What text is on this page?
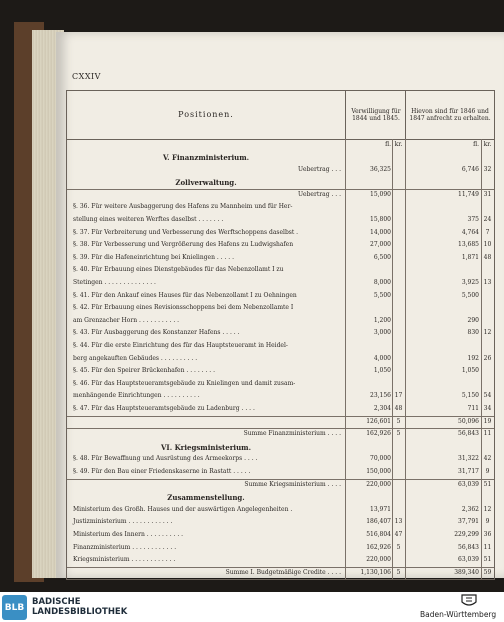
CXXIV
Positionen.	Verwilligung für 1844 und 1845.
Hievon sind für 1846 und 1847 anfrecht zu erhalten.
fl. kr.	fl. kr.
V. Finanzministerium.
Uebertrag . . .	36,325	6,746 32
Zollverwaltung.
Uebertrag . . .	15,090	11,749 31
§. 36. Für weitere Ausbaggerung des Hafens zu Mannheim und für Her-
stellung eines weiteren Werftes daselbst . . . . . . .	15,800	375 24
§. 37. Für Verbreiterung und Verbesserung des Werftschoppens daselbst .	14,000	4,764	7
§. 38. Für Verbesserung und Vergrößerung des Hafens zu Ludwigshafen	27,000	13,685 10
§. 39. Für die Hafeneinrichtung bei Knielingen . . . . .	6,500	1,871 48
§. 40. Für Erbauung eines Dienstgebäudes für das Nebenzollamt I zu
Stetingen . . . . . . . . . . . . . .	8,000	3,925 13
§. 41. Für den Ankauf eines Hauses für das Nebenzollamt I zu Oehningen	5,500	5,500
§. 42. Für Erbauung eines Revisionsschoppens bei dem Nebenzollamte I
am Grenzacher Horn . . . . . . . . . . .	1,200	290
§. 43. Für Ausbaggerung des Konstanzer Hafens . . . . .	3,000	830 12
§. 44. Für die erste Einrichtung des für das Hauptsteueramt in Heidel-
berg angekauften Gebäudes . . . . . . . . . .	4,000	192 26
§. 45. Für den Speirer Brückenhafen . . . . . . . .	1,050	1,050
§. 46. Für das Hauptsteueramtsgebäude zu Knielingen und damit zusam-
menhängende Einrichtungen . . . . . . . . . .	23,156 17	5,150 54
§. 47. Für das Hauptsteueramtsgebäude zu Ladenburg . . . .	2,304 48	711 34
126,601 5	50,096 19
Summe Finanzministerium . . . .	162,926 5	56,843 11
VI. Kriegsministerium.
§. 48. Für Bewaffnung und Ausrüstung des Armeekorps . . . .	70,000	31,322 42
§. 49. Für den Bau einer Friedenskaserne in Rastatt . . . . .	150,000	31,717	9
Summe Kriegsministerium . . . .	220,000	63,039 51
Zusammenstellung.
Ministerium des Großh. Hauses und der auswärtigen Angelegenheiten .	13,971	2,362 12
Justizministerium . . . . . . . . . . . .	186,407 13	37,791	9
Ministerium des Innern . . . . . . . . . .	516,804 47	229,299 36
Finanzministerium . . . . . . . . . . . .	162,926 5	56,843 11
Kriegsministerium . . . . . . . . . . . .	220,000	63,039 51
Summe I. Budgetmäßige Credite . . . .	1,130,106 5	389,340 59
BLB
BADISCHE
LANDESBIBLIOTHEK	Baden-Württemberg
